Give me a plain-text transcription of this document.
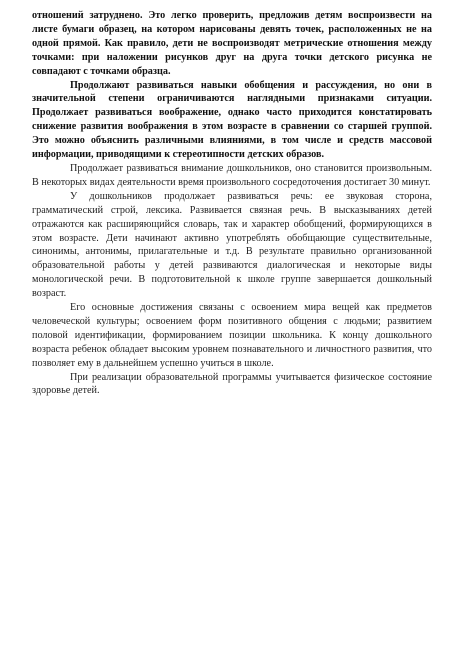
отношений затруднено. Это легко проверить, предложив детям воспроизвести на листе бумаги образец, на котором нарисованы девять точек, расположенных не на одной прямой. Как правило, дети не воспроизводят метрические отношения между точками: при наложении рисунков друг на друга точки детского рисунка не совпадают с точками образца.

Продолжают развиваться навыки обобщения и рассуждения, но они в значительной степени ограничиваются наглядными признаками ситуации. Продолжает развиваться воображение, однако часто приходится констатировать снижение развития воображения в этом возрасте в сравнении со старшей группой. Это можно объяснить различными влияниями, в том числе и средств массовой информации, приводящими к стереотипности детских образов.

Продолжает развиваться внимание дошкольников, оно становится произвольным. В некоторых видах деятельности время произвольного сосредоточения достигает 30 минут.

У дошкольников продолжает развиваться речь: ее звуковая сторона, грамматический строй, лексика. Развивается связная речь. В высказываниях детей отражаются как расширяющийся словарь, так и характер обобщений, формирующихся в этом возрасте. Дети начинают активно употреблять обобщающие существительные, синонимы, антонимы, прилагательные и т.д. В результате правильно организованной образовательной работы у детей развиваются диалогическая и некоторые виды монологической речи. В подготовительной к школе группе завершается дошкольный возраст.

Его основные достижения связаны с освоением мира вещей как предметов человеческой культуры; освоением форм позитивного общения с людьми; развитием половой идентификации, формированием позиции школьника. К концу дошкольного возраста ребенок обладает высоким уровнем познавательного и личностного развития, что позволяет ему в дальнейшем успешно учиться в школе.

При реализации образовательной программы учитывается физическое состояние здоровье детей.
